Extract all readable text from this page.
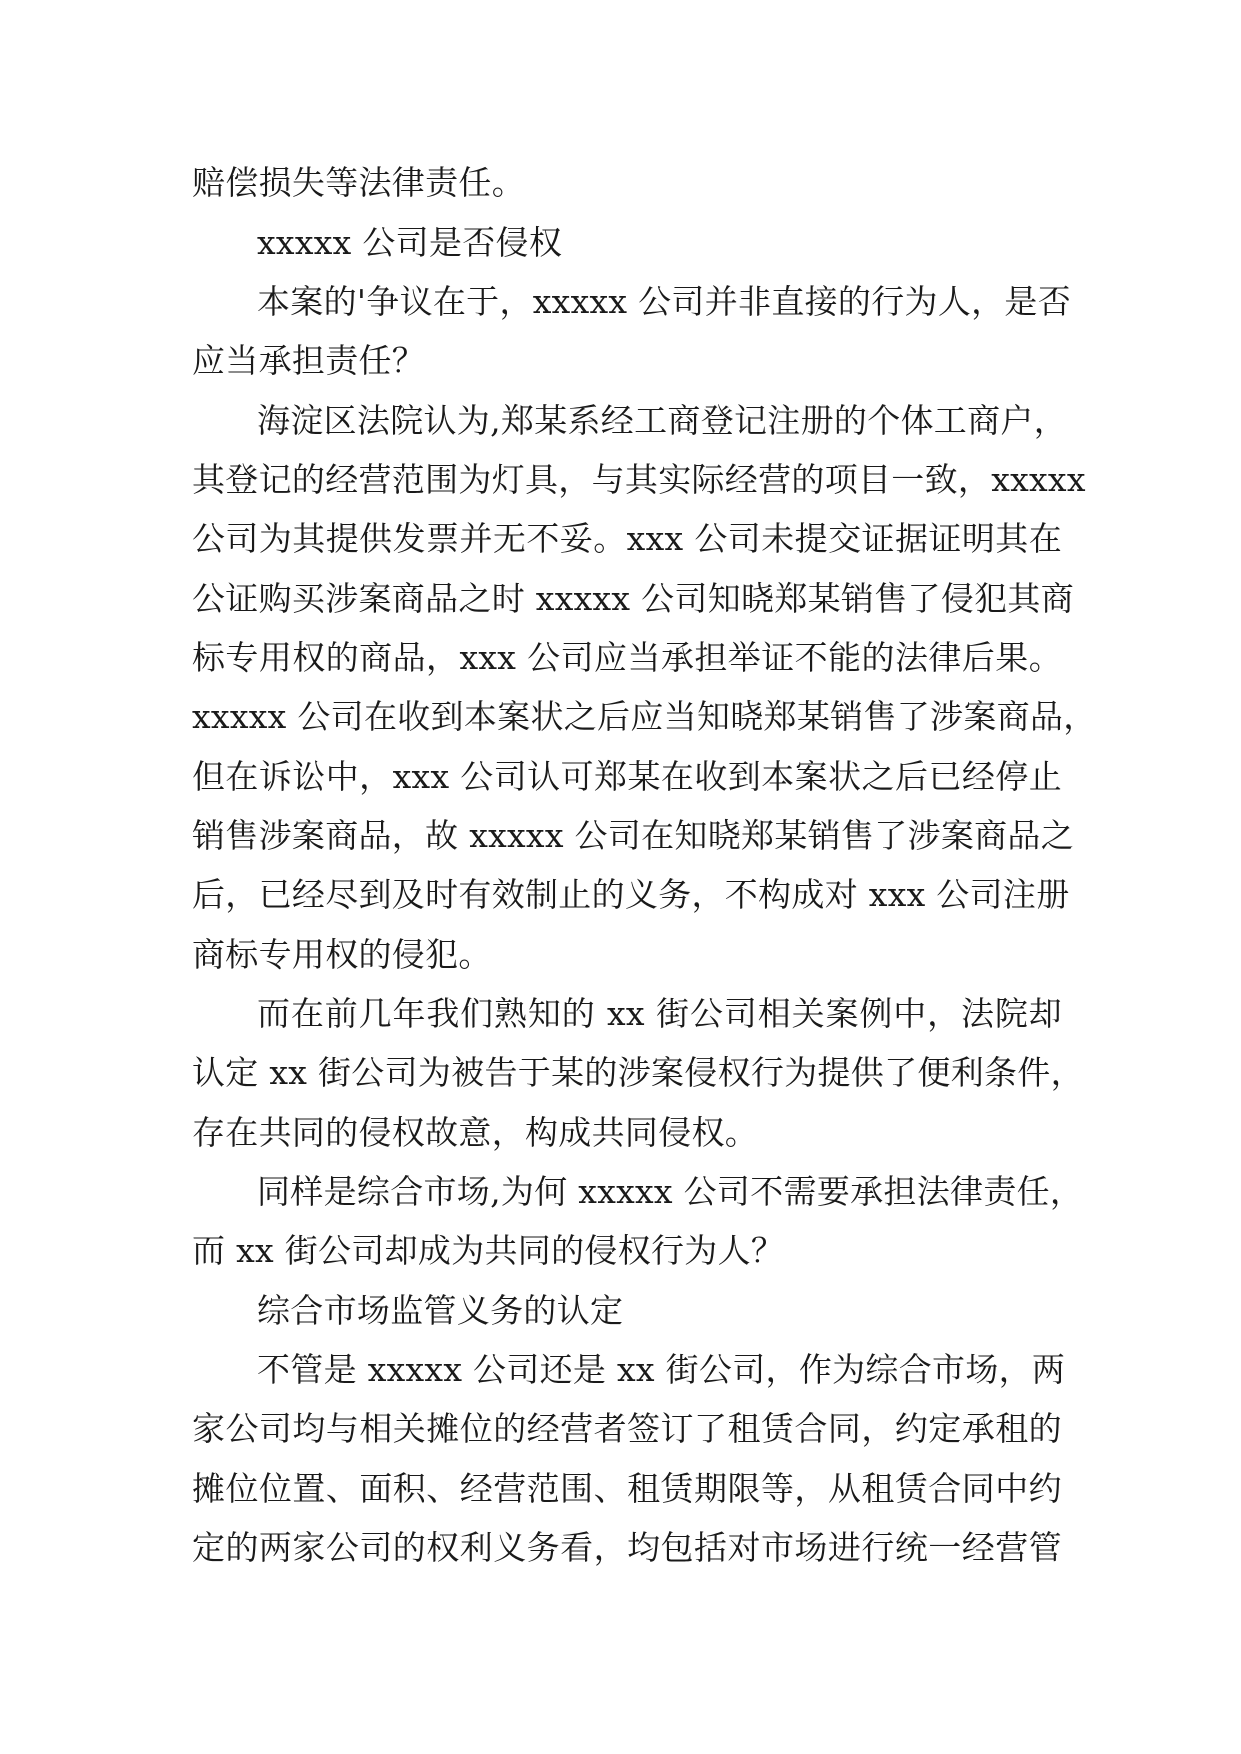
赔偿损失等法律责任。

xxxxx 公司是否侵权

本案的'争议在于，xxxxx 公司并非直接的行为人，是否

应当承担责任？

海淀区法院认为,郑某系经工商登记注册的个体工商户，

其登记的经营范围为灯具，与其实际经营的项目一致，xxxxx

公司为其提供发票并无不妥。xxx 公司未提交证据证明其在

公证购买涉案商品之时 xxxxx 公司知晓郑某销售了侵犯其商

标专用权的商品，xxx 公司应当承担举证不能的法律后果。

xxxxx 公司在收到本案状之后应当知晓郑某销售了涉案商品，

但在诉讼中，xxx 公司认可郑某在收到本案状之后已经停止

销售涉案商品，故 xxxxx 公司在知晓郑某销售了涉案商品之

后，已经尽到及时有效制止的义务，不构成对 xxx 公司注册

商标专用权的侵犯。

而在前几年我们熟知的 xx 街公司相关案例中，法院却

认定 xx 街公司为被告于某的涉案侵权行为提供了便利条件，

存在共同的侵权故意，构成共同侵权。

同样是综合市场,为何 xxxxx 公司不需要承担法律责任，

而 xx 街公司却成为共同的侵权行为人？

综合市场监管义务的认定

不管是 xxxxx 公司还是 xx 街公司，作为综合市场，两

家公司均与相关摊位的经营者签订了租赁合同，约定承租的

摊位位置、面积、经营范围、租赁期限等，从租赁合同中约

定的两家公司的权利义务看，均包括对市场进行统一经营管
